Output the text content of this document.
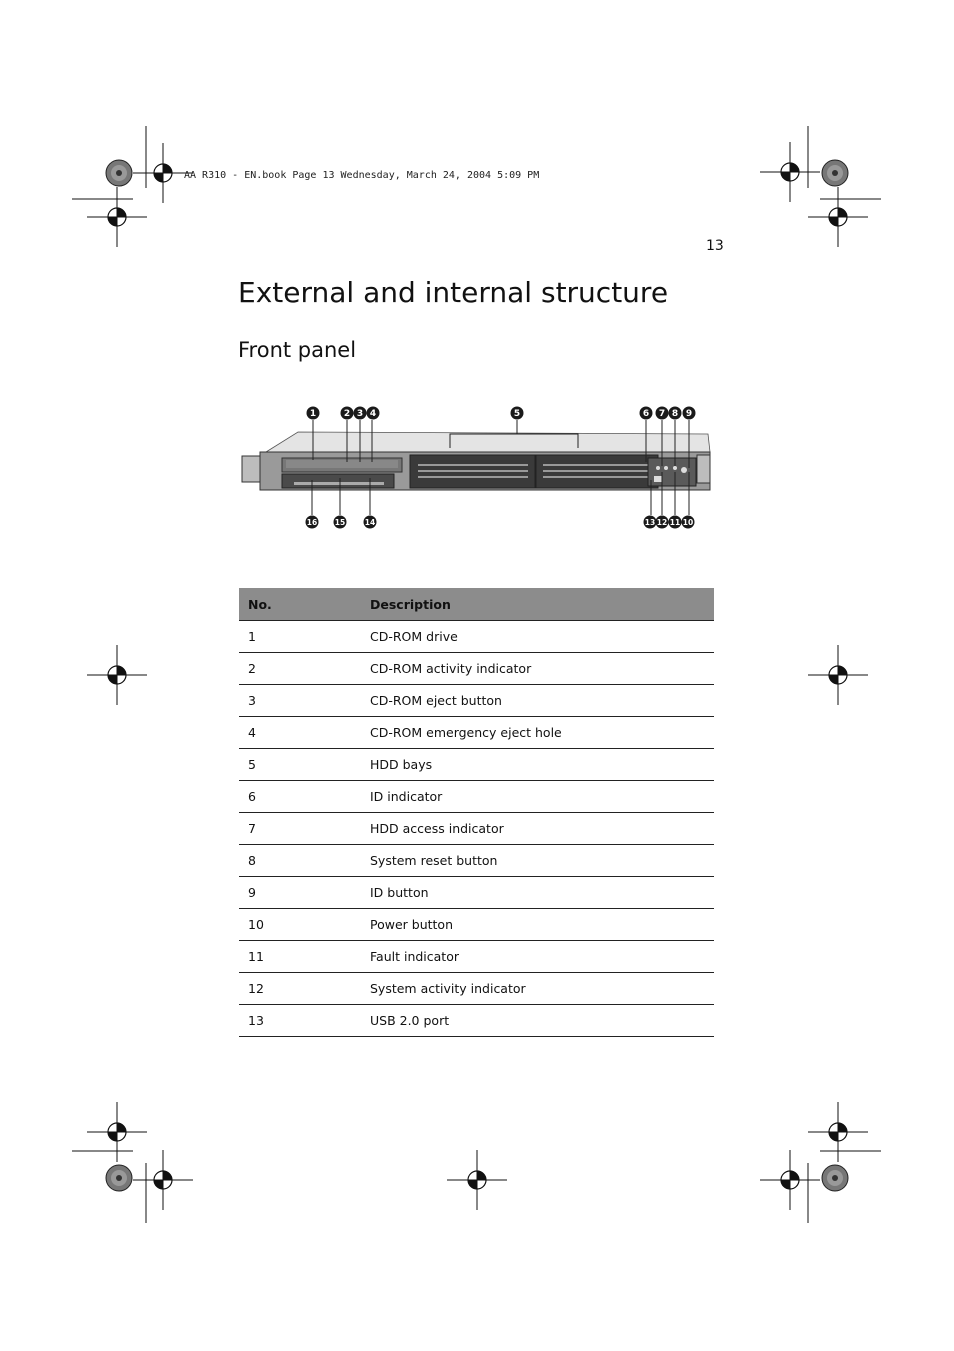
AA R310 - EN.book Page 13 Wednesday, March 24, 2004 5:09 PM
13
External and internal structure
Front panel
1	2 3 4	5	6 7 8 9
16 15	14	13 12 11 10
No.	Description
1	CD-ROM drive
2	CD-ROM activity indicator
3	CD-ROM eject button
4	CD-ROM emergency eject hole
5	HDD bays
6	ID indicator
7	HDD access indicator
8	System reset button
9	ID button
10	Power button
11	Fault indicator
12	System activity indicator
13	USB 2.0 port
